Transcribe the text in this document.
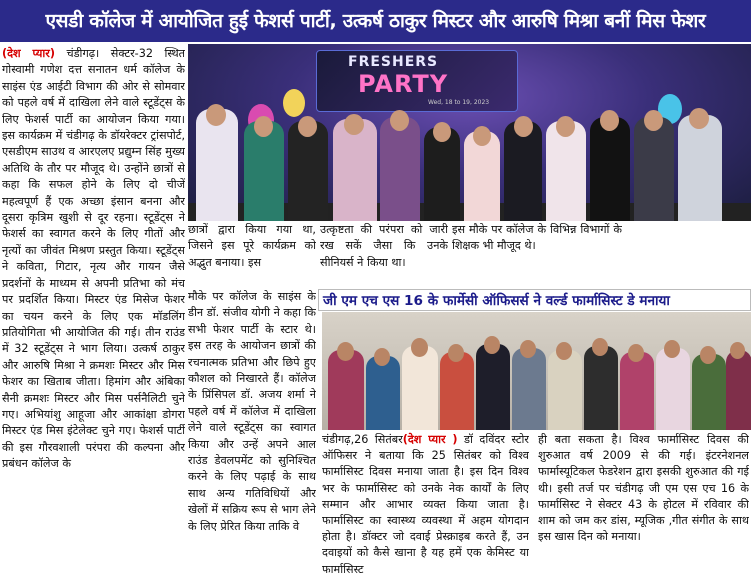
एसडी कॉलेज में आयोजित हुई फेशर्स पार्टी, उत्कर्ष ठाकुर मिस्टर और आरुषि मिश्रा बनीं मिस फेशर
(देश प्यार) चंडीगढ़। सेक्टर-32 स्थित गोस्वामी गणेश दत्त सनातन धर्म कॉलेज के साइंस एंड आईटी विभाग की ओर से सोमवार को पहले वर्ष में दाखिला लेने वाले स्टूडेंट्स के लिए फेशर्स पार्टी का आयोजन किया गया। इस कार्यक्रम में चंडीगढ़ के डॉयरेक्टर ट्रांसपोर्ट, एसडीएम साउथ व आरएलए प्रद्युम्न सिंह मुख्य अतिथि के तौर पर मौजूद थे। उन्होंने छात्रों से कहा कि सफल होने के लिए दो चीजें महत्वपूर्ण हैं एक अच्छा इंसान बनना और दूसरा कृत्रिम खुशी से दूर रहना। स्टूडेंट्स ने फेशर्स का स्वागत करने के लिए गीतों और नृत्यों का जीवंत मिश्रण प्रस्तुत किया। स्टूडेंट्स ने कविता, गिटार, नृत्य और गायन जैसे प्रदर्शनों के माध्यम से अपनी प्रतिभा को मंच पर प्रदर्शित किया। मिस्टर एंड मिसेज फेशर का चयन करने के लिए एक मॉडलिंग प्रतियोगिता भी आयोजित की गई। तीन राउंड में 32 स्टूडेंट्स ने भाग लिया। उत्कर्ष ठाकुर और आरुषि मिश्रा ने क्रमशः मिस्टर और मिस फेशर का खिताब जीता। हिमांग और अंबिका सैनी क्रमशः मिस्टर और मिस पर्सनैलिटी चुने गए। अभियांशु आहूजा और आकांक्षा डोगरा मिस्टर एंड मिस इंटेलेक्ट चुने गए। फेशर्स पार्टी की इस गौरवशाली परंपरा की कल्पना और प्रबंधन कॉलेज के
FRESHERS
PARTY
Wed, 18 to 19, 2023
छात्रों द्वारा किया गया था, जिसने इस पूरे कार्यक्रम को अद्भुत बनाया। इस
उत्कृष्टता की परंपरा को जारी रख सकें जैसा कि उनके सीनियर्स ने किया था।
इस मौके पर कॉलेज के विभिन्न विभागों के शिक्षक भी मौजूद थे।
मौके पर कॉलेज के साइंस के डीन डॉ. संजीव योगी ने कहा कि सभी फेशर पार्टी के स्टार थे। इस तरह के आयोजन छात्रों की रचनात्मक प्रतिभा और छिपे हुए कौशल को निखारते हैं। कॉलेज के प्रिंसिपल डॉ. अजय शर्मा ने पहले वर्ष में कॉलेज में दाखिला लेने वाले स्टूडेंट्स का स्वागत किया और उन्हें अपने आल राउंड डेवलपमेंट को सुनिश्चित करने के लिए पढ़ाई के साथ साथ अन्य गतिविधियों और खेलों में सक्रिय रूप से भाग लेने के लिए प्रेरित किया ताकि वे
जी एम एच एस 16 के फार्मेसी ऑफिसर्स ने वर्ल्ड फार्मासिस्ट डे मनाया
चंडीगढ़,26 सितंबर(देश प्यार ) डॉ दविंदर स्टोर ऑफिसर ने बताया कि 25 सितंबर को विश्व फार्मासिस्ट दिवस मनाया जाता है। इस दिन विश्व भर के फार्मासिस्ट को उनके नेक कार्यों के लिए सम्मान और आभार व्यक्त किया जाता है। फार्मासिस्ट का स्वास्थ्य व्यवस्था में अहम योगदान होता है। डॉक्टर जो दवाई प्रेस्क्राइब करते हैं, उन दवाइयों को कैसे खाना है यह हमें एक केमिस्ट या फार्मासिस्ट
ही बता सकता है। विश्व फार्मासिस्ट दिवस की शुरुआत वर्ष 2009 से की गई। इंटरनेशनल फार्मास्यूटिकल फेडरेशन द्वारा इसकी शुरुआत की गई थी। इसी तर्ज पर चंडीगढ़ जी एम एस एच 16 के फार्मासिस्ट ने सेक्टर 43 के होटल में रविवार की शाम को जम कर डांस, म्यूजिक ,गीत संगीत के साथ इस खास दिन को मनाया।
